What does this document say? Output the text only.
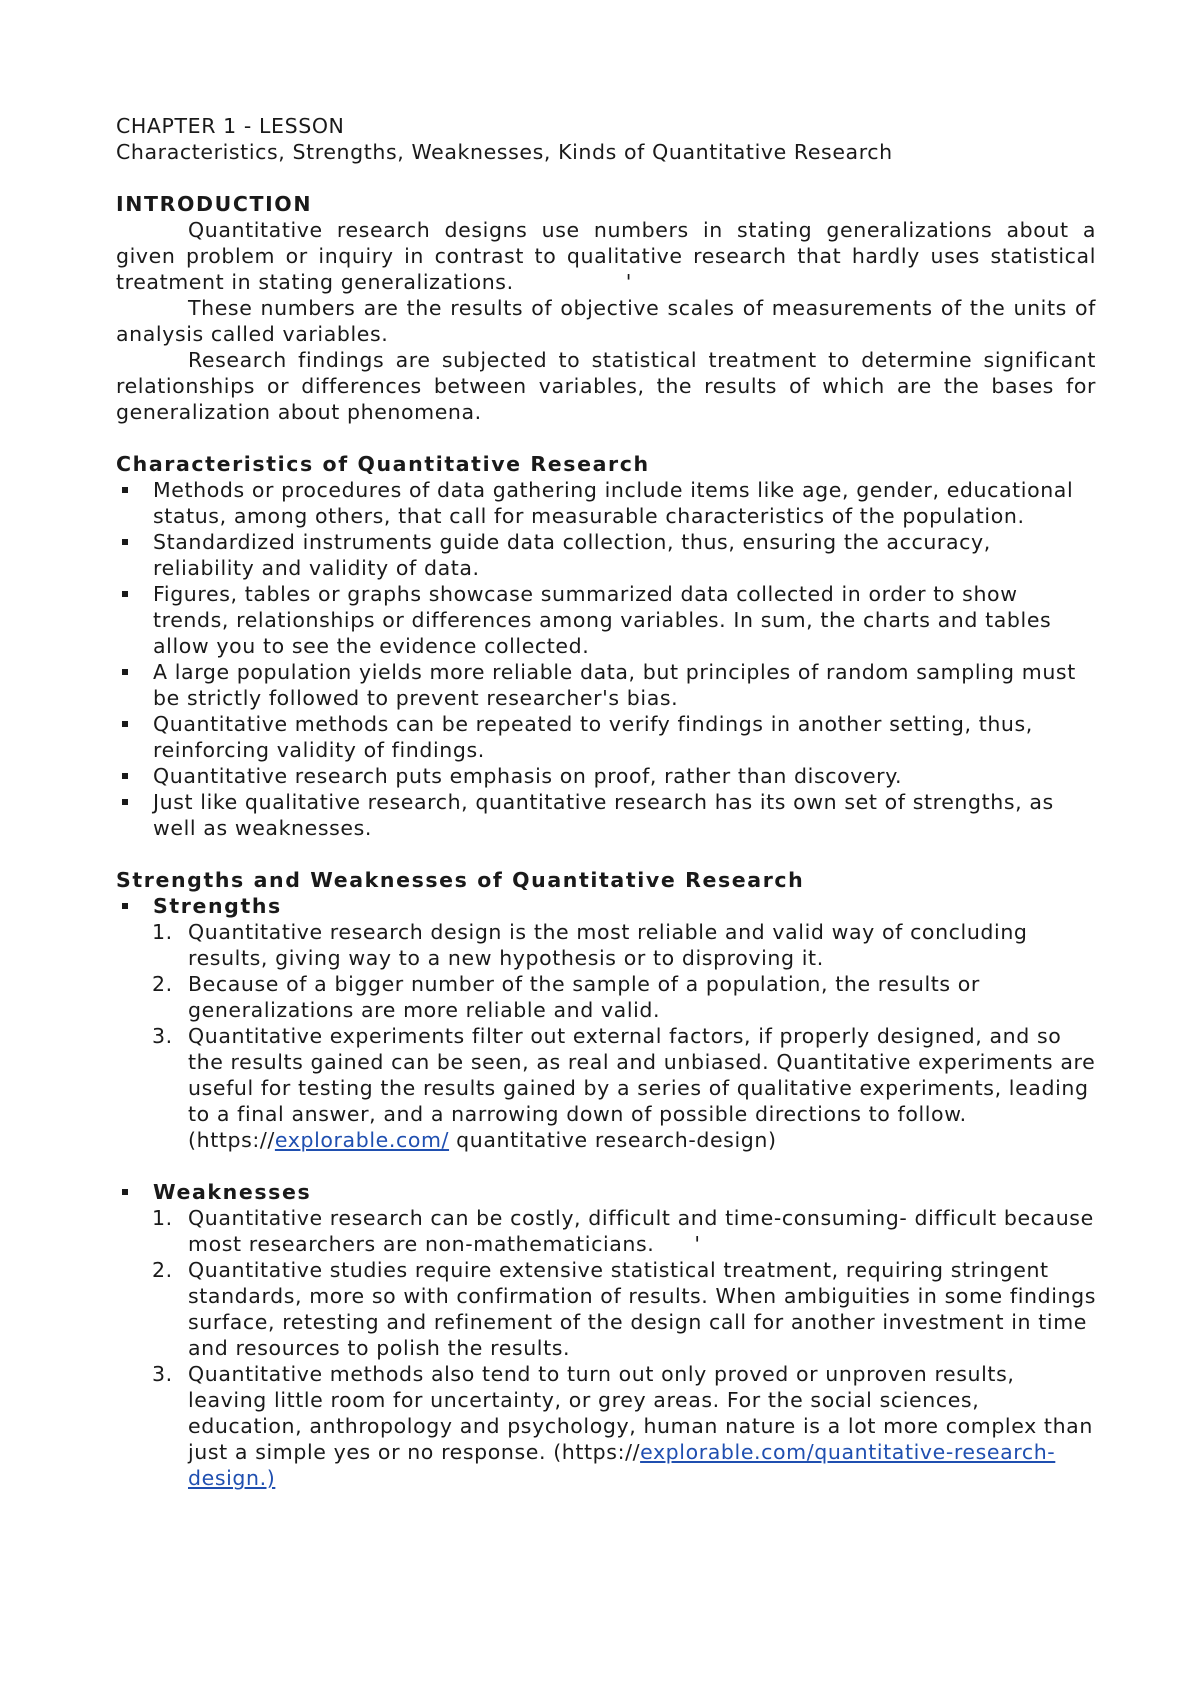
CHAPTER 1 - LESSON

Characteristics, Strengths, Weaknesses, Kinds of Quantitative Research

INTRODUCTION

Quantitative research designs use numbers in stating generalizations about a given problem or inquiry in contrast to qualitative research that hardly uses statistical treatment in stating generalizations.	'

These numbers are the results of objective scales of measurements of the units of analysis called variables.

Research findings are subjected to statistical treatment to determine significant relationships or differences between variables, the results of which are the bases for generalization about phenomena.

Characteristics of Quantitative Research

Methods or procedures of data gathering include items like age, gender, educational status, among others, that call for measurable characteristics of the population.
Standardized instruments guide data collection, thus, ensuring the accuracy, reliability and validity of data.
Figures, tables or graphs showcase summarized data collected in order to show trends, relationships or differences among variables. In sum, the charts and tables allow you to see the evidence collected.
A large population yields more reliable data, but principles of random sampling must be strictly followed to prevent researcher's bias.
Quantitative methods can be repeated to verify findings in another setting, thus, reinforcing validity of findings.
Quantitative research puts emphasis on proof, rather than discovery.
Just like qualitative research, quantitative research has its own set of strengths, as well as weaknesses.

Strengths and Weaknesses of Quantitative Research

Strengths
1. Quantitative research design is the most reliable and valid way of concluding results, giving way to a new hypothesis or to disproving it.
2. Because of a bigger number of the sample of a population, the results or generalizations are more reliable and valid.
3. Quantitative experiments filter out external factors, if properly designed, and so the results gained can be seen, as real and unbiased. Quantitative experiments are useful for testing the results gained by a series of qualitative experiments, leading to a final answer, and a narrowing down of possible directions to follow. (https://explorable.com/ quantitative research-design)
Weaknesses
1. Quantitative research can be costly, difficult and time-consuming- difficult because most researchers are non-mathematicians. '
2. Quantitative studies require extensive statistical treatment, requiring stringent standards, more so with confirmation of results. When ambiguities in some findings surface, retesting and refinement of the design call for another investment in time and resources to polish the results.
3. Quantitative methods also tend to turn out only proved or unproven results, leaving little room for uncertainty, or grey areas. For the social sciences, education, anthropology and psychology, human nature is a lot more complex than just a simple yes or no response. (https://explorable.com/quantitative-research-design.)
